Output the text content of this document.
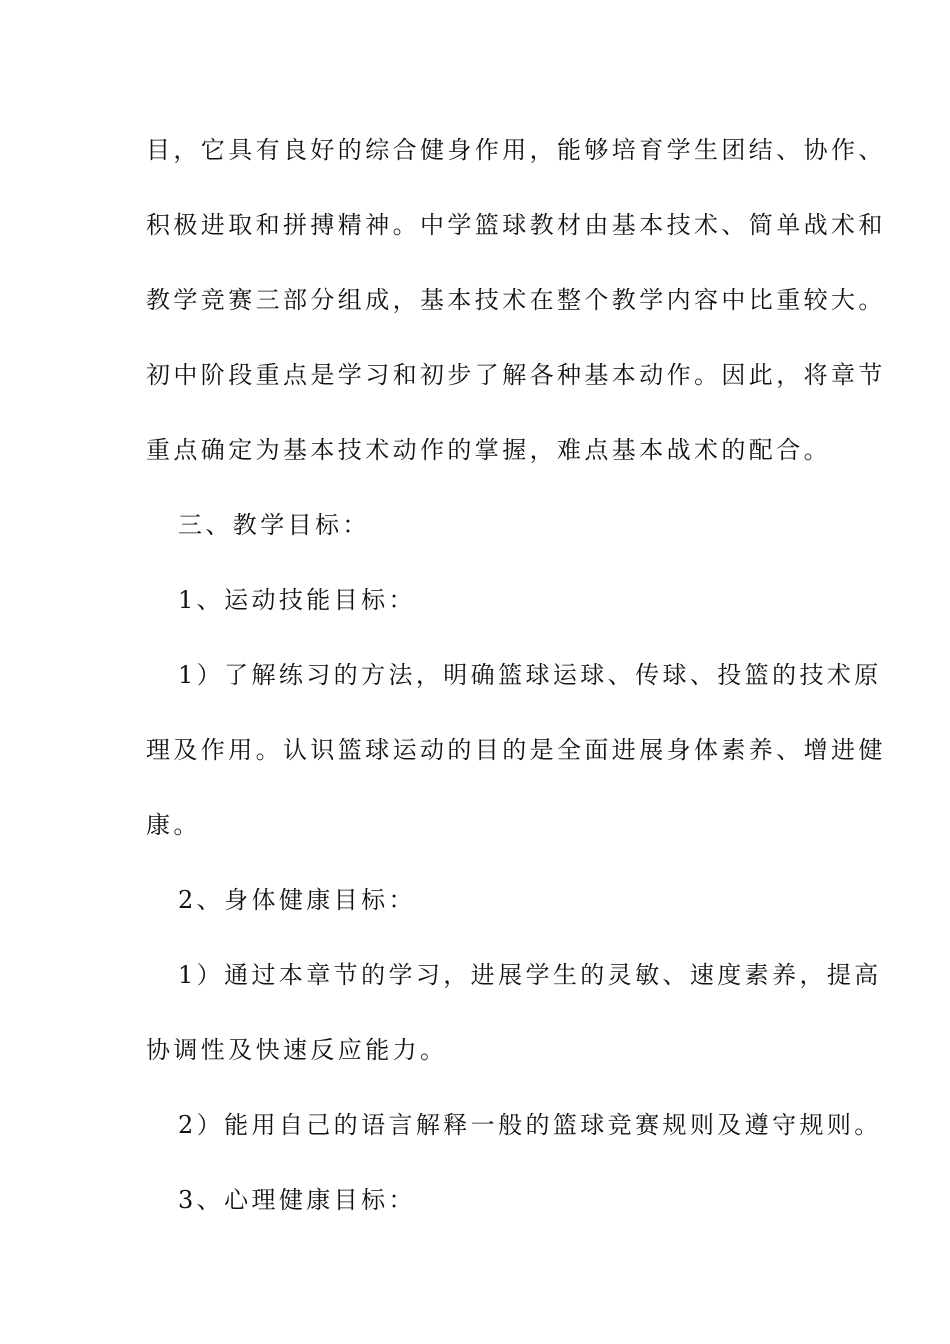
目，它具有良好的综合健身作用，能够培育学生团结、协作、
积极进取和拼搏精神。中学篮球教材由基本技术、简单战术和
教学竞赛三部分组成，基本技术在整个教学内容中比重较大。
初中阶段重点是学习和初步了解各种基本动作。因此，将章节
重点确定为基本技术动作的掌握，难点基本战术的配合。
三、教学目标：
1、运动技能目标：
1）了解练习的方法，明确篮球运球、传球、投篮的技术原
理及作用。认识篮球运动的目的是全面进展身体素养、增进健
康。
2、身体健康目标：
1）通过本章节的学习，进展学生的灵敏、速度素养，提高
协调性及快速反应能力。
2）能用自己的语言解释一般的篮球竞赛规则及遵守规则。
3、心理健康目标：
